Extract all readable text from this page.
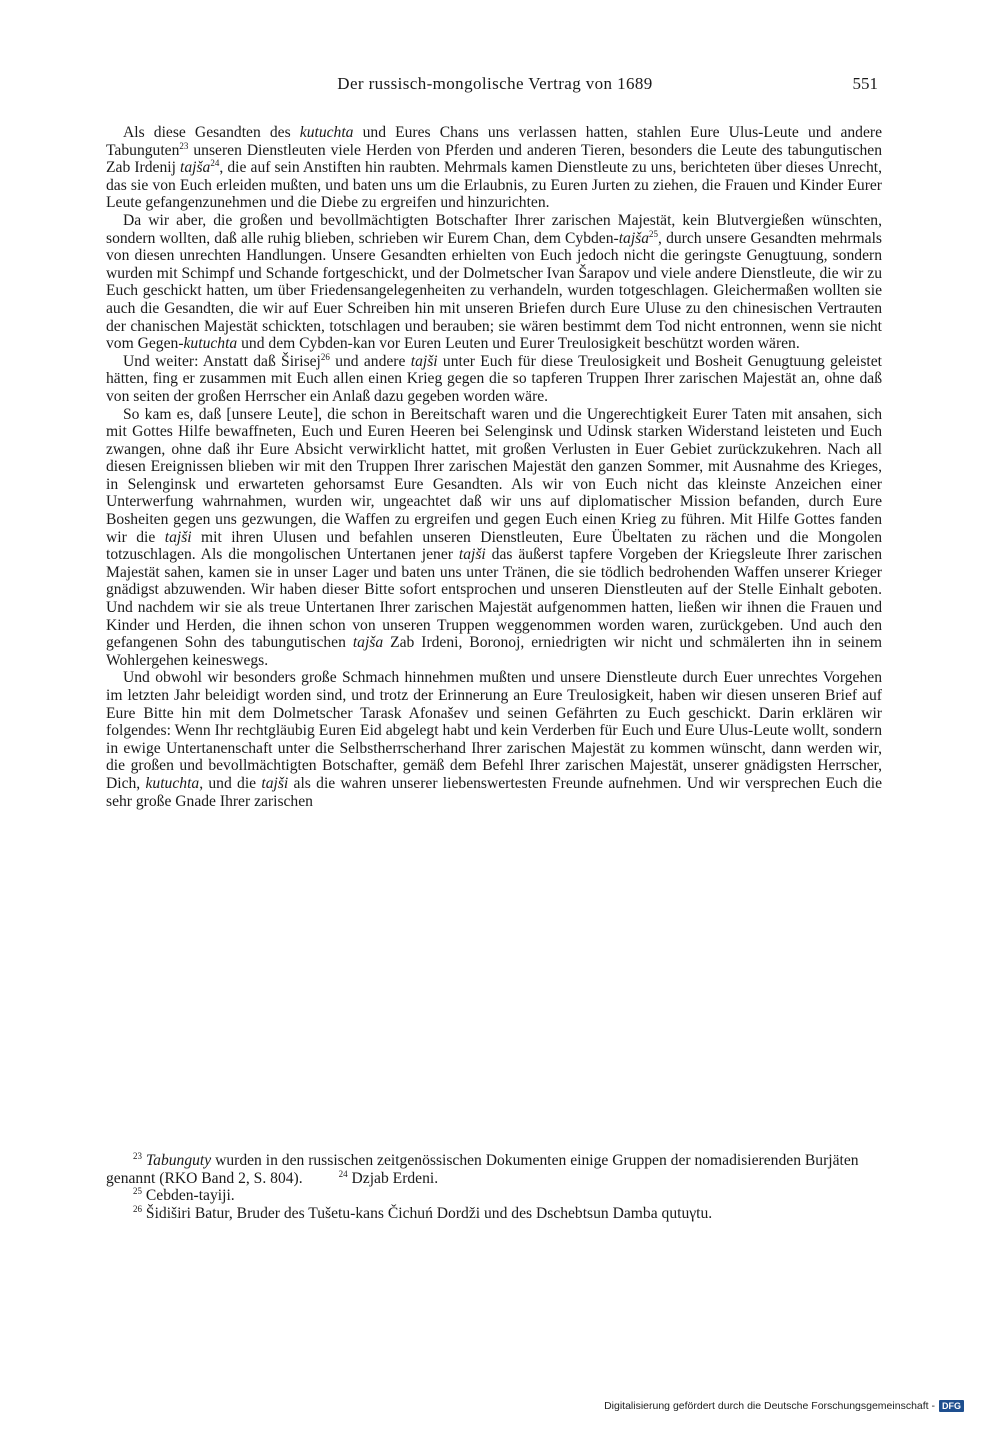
Der russisch-mongolische Vertrag von 1689	551

Als diese Gesandten des kutuchta und Eures Chans uns verlassen hatten, stahlen Eure Ulus-Leute und andere Tabunguten$^{23}$ unseren Dienstleuten viele Herden von Pferden und anderen Tieren, besonders die Leute des tabungutischen Zab Irdenij tajša$^{24}$, die auf sein Anstiften hin raubten. Mehrmals kamen Dienstleute zu uns, berichteten über dieses Unrecht, das sie von Euch erleiden mußten, und baten uns um die Erlaubnis, zu Euren Jurten zu ziehen, die Frauen und Kinder Eurer Leute gefangenzunehmen und die Diebe zu ergreifen und hinzurichten.

Da wir aber, die großen und bevollmächtigten Botschafter Ihrer zarischen Majestät, kein Blutvergießen wünschten, sondern wollten, daß alle ruhig blieben, schrieben wir Eurem Chan, dem Cybden-tajša$^{25}$, durch unsere Gesandten mehrmals von diesen unrechten Handlungen. Unsere Gesandten erhielten von Euch jedoch nicht die geringste Genugtuung, sondern wurden mit Schimpf und Schande fortgeschickt, und der Dolmetscher Ivan Šarapov und viele andere Dienstleute, die wir zu Euch geschickt hatten, um über Friedensangelegenheiten zu verhandeln, wurden totgeschlagen. Gleichermaßen wollten sie auch die Gesandten, die wir auf Euer Schreiben hin mit unseren Briefen durch Eure Uluse zu den chinesischen Vertrauten der chanischen Majestät schickten, totschlagen und berauben; sie wären bestimmt dem Tod nicht entronnen, wenn sie nicht vom Gegen-kutuchta und dem Cybden-kan vor Euren Leuten und Eurer Treulosigkeit beschützt worden wären.

Und weiter: Anstatt daß Širisej$^{26}$ und andere tajši unter Euch für diese Treulosigkeit und Bosheit Genugtuung geleistet hätten, fing er zusammen mit Euch allen einen Krieg gegen die so tapferen Truppen Ihrer zarischen Majestät an, ohne daß von seiten der großen Herrscher ein Anlaß dazu gegeben worden wäre.

So kam es, daß [unsere Leute], die schon in Bereitschaft waren und die Ungerechtigkeit Eurer Taten mit ansahen, sich mit Gottes Hilfe bewaffneten, Euch und Euren Heeren bei Selenginsk und Udinsk starken Widerstand leisteten und Euch zwangen, ohne daß ihr Eure Absicht verwirklicht hattet, mit großen Verlusten in Euer Gebiet zurückzukehren. Nach all diesen Ereignissen blieben wir mit den Truppen Ihrer zarischen Majestät den ganzen Sommer, mit Ausnahme des Krieges, in Selenginsk und erwarteten gehorsamst Eure Gesandten. Als wir von Euch nicht das kleinste Anzeichen einer Unterwerfung wahrnahmen, wurden wir, ungeachtet daß wir uns auf diplomatischer Mission befanden, durch Eure Bosheiten gegen uns gezwungen, die Waffen zu ergreifen und gegen Euch einen Krieg zu führen. Mit Hilfe Gottes fanden wir die tajši mit ihren Ulusen und befahlen unseren Dienstleuten, Eure Übeltaten zu rächen und die Mongolen totzuschlagen. Als die mongolischen Untertanen jener tajši das äußerst tapfere Vorgeben der Kriegsleute Ihrer zarischen Majestät sahen, kamen sie in unser Lager und baten uns unter Tränen, die sie tödlich bedrohenden Waffen unserer Krieger gnädigst abzuwenden. Wir haben dieser Bitte sofort entsprochen und unseren Dienstleuten auf der Stelle Einhalt geboten. Und nachdem wir sie als treue Untertanen Ihrer zarischen Majestät aufgenommen hatten, ließen wir ihnen die Frauen und Kinder und Herden, die ihnen schon von unseren Truppen weggenommen worden waren, zurückgeben. Und auch den gefangenen Sohn des tabungutischen tajša Zab Irdeni, Boronoj, erniedrigten wir nicht und schmälerten ihn in seinem Wohlergehen keineswegs.

Und obwohl wir besonders große Schmach hinnehmen mußten und unsere Dienstleute durch Euer unrechtes Vorgehen im letzten Jahr beleidigt worden sind, und trotz der Erinnerung an Eure Treulosigkeit, haben wir diesen unseren Brief auf Eure Bitte hin mit dem Dolmetscher Tarask Afonašev und seinen Gefährten zu Euch geschickt. Darin erklären wir folgendes: Wenn Ihr rechtgläubig Euren Eid abgelegt habt und kein Verderben für Euch und Eure Ulus-Leute wollt, sondern in ewige Untertanenschaft unter die Selbstherrscherhand Ihrer zarischen Majestät zu kommen wünscht, dann werden wir, die großen und bevollmächtigten Botschafter, gemäß dem Befehl Ihrer zarischen Majestät, unserer gnädigsten Herrscher, Dich, kutuchta, und die tajši als die wahren unserer liebenswertesten Freunde aufnehmen. Und wir versprechen Euch die sehr große Gnade Ihrer zarischen

$^{23}$ Tabunguty wurden in den russischen zeitgenössischen Dokumenten einige Gruppen der nomadisierenden Burjäten genannt (RKO Band 2, S. 804).	$^{24}$ Dzjab Erdeni.

$^{25}$ Cebden-tayiji.

$^{26}$ Šidiširi Batur, Bruder des Tušetu-kans Čichuń Dordži und des Dschebtsun Damba qutuγtu.

Digitalisierung gefördert durch die Deutsche Forschungsgemeinschaft - DFG
